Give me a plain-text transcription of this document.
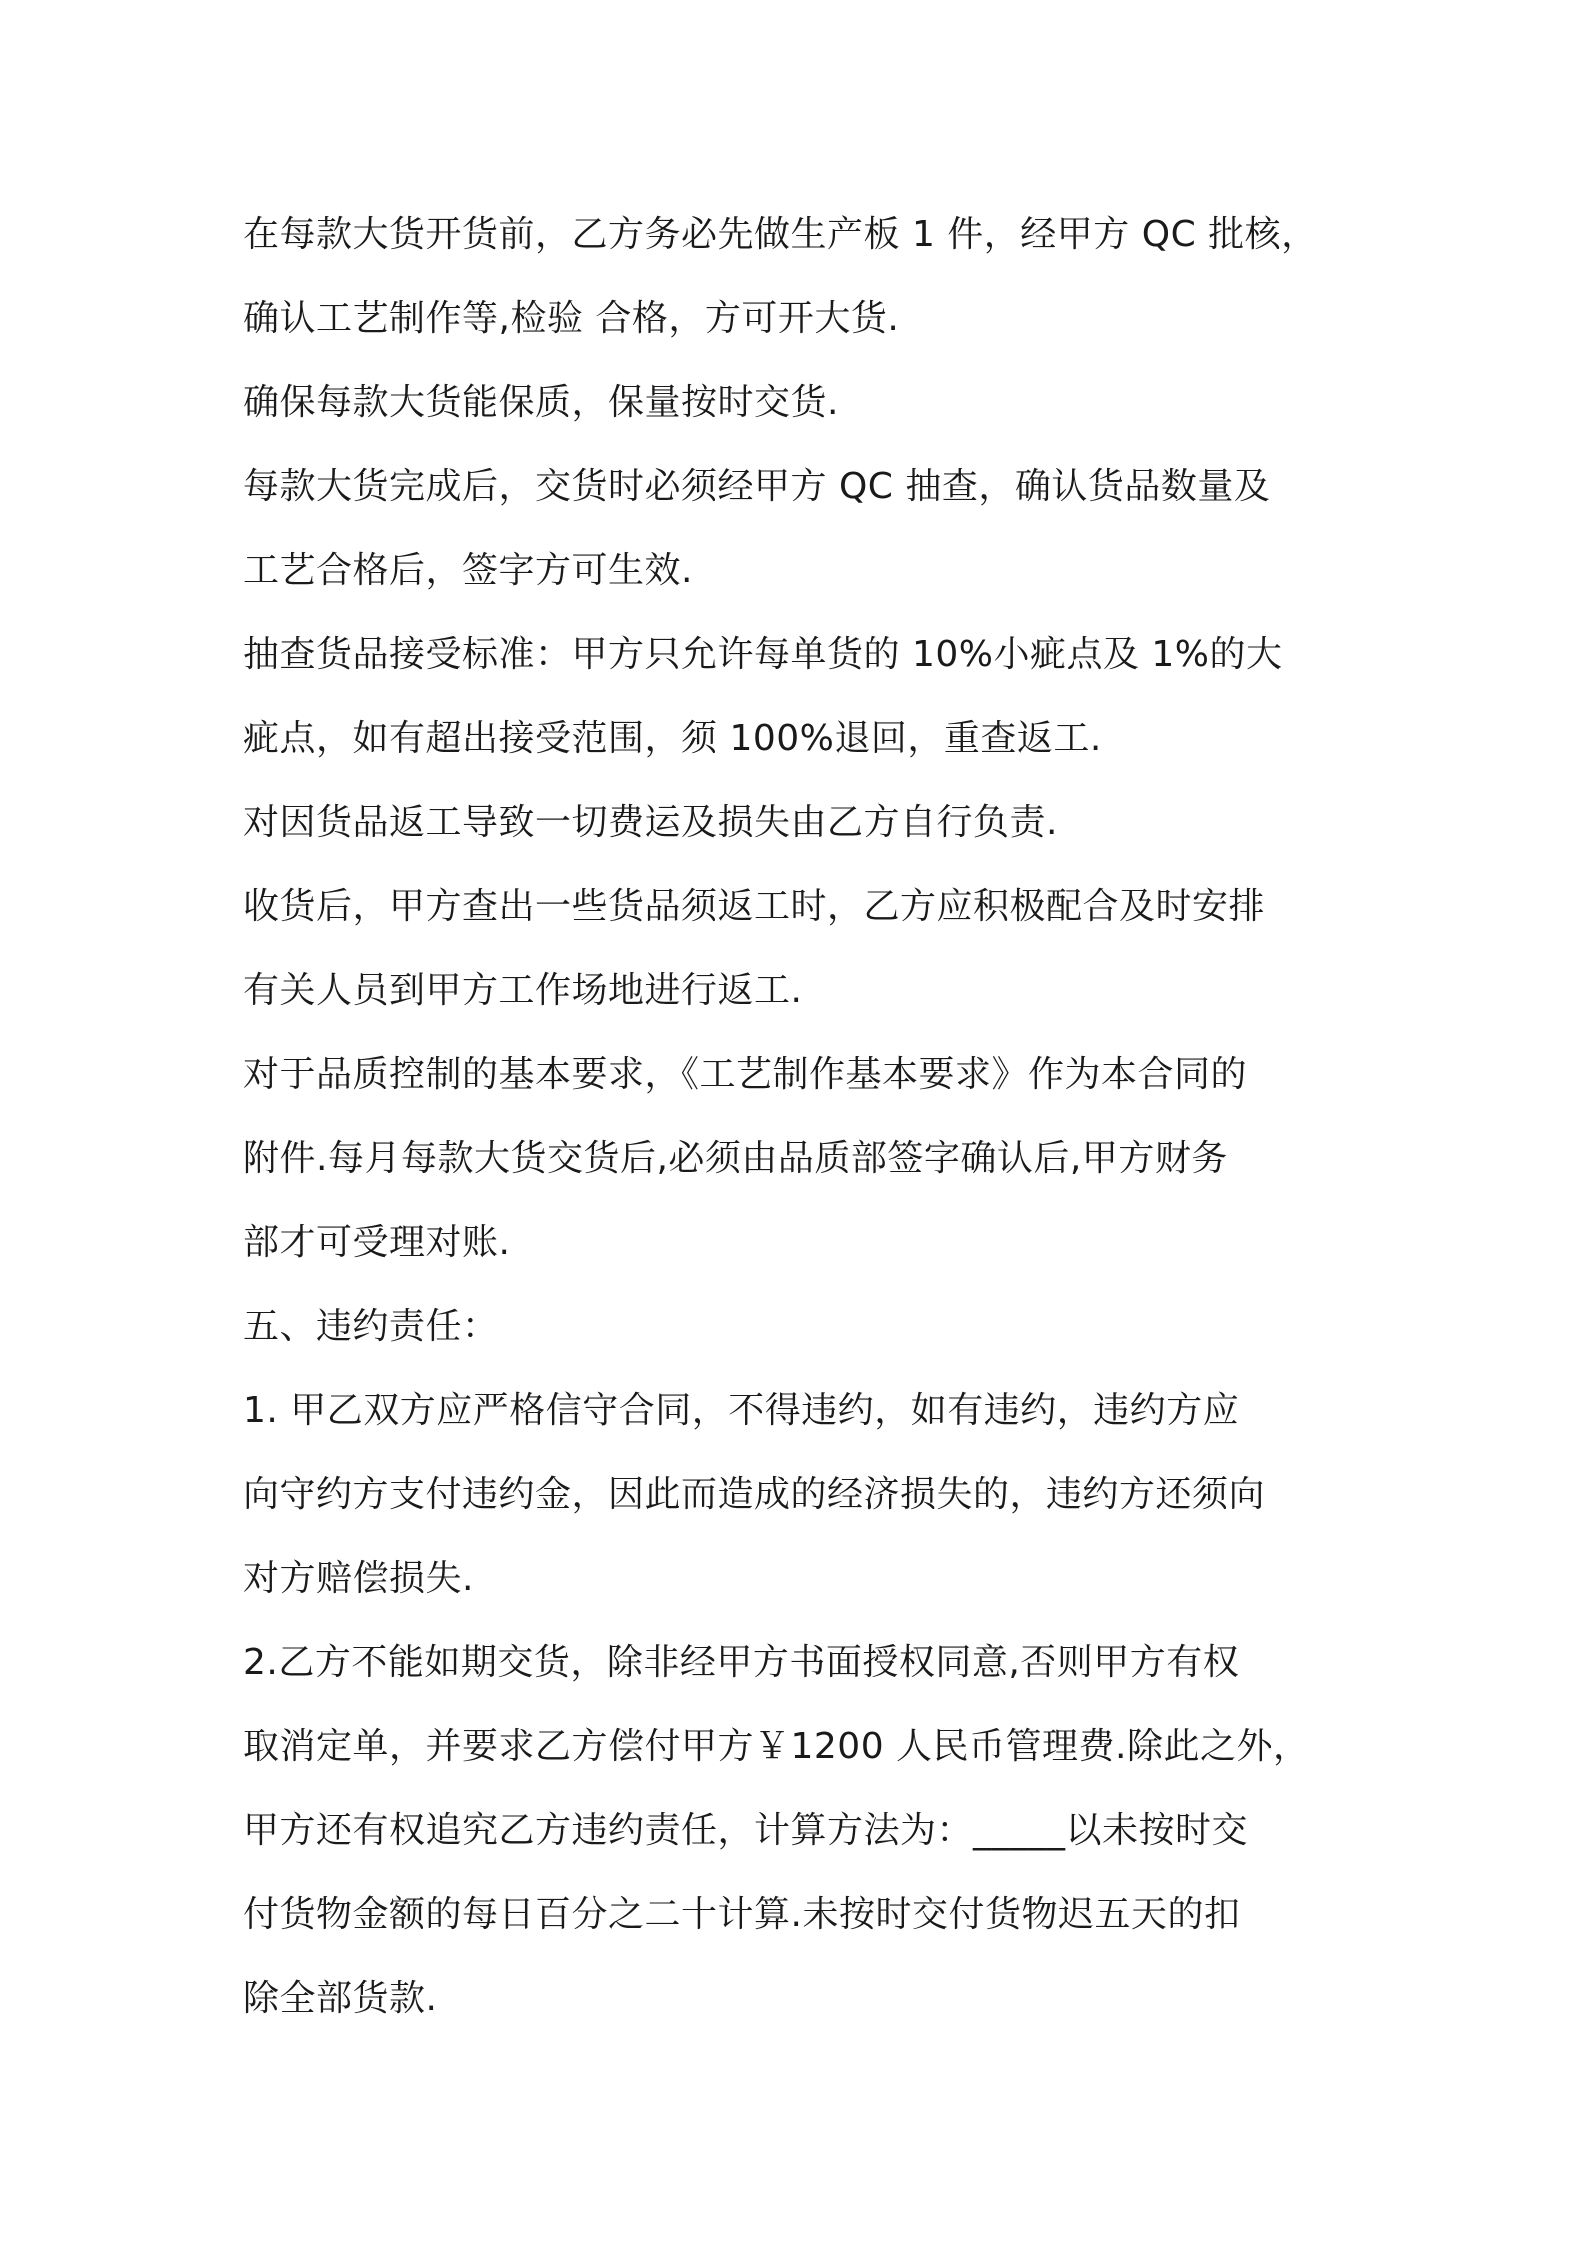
在每款大货开货前，乙方务必先做生产板 1 件，经甲方 QC 批核，
确认工艺制作等,检验 合格，方可开大货.
确保每款大货能保质，保量按时交货.
每款大货完成后，交货时必须经甲方 QC 抽查，确认货品数量及
工艺合格后，签字方可生效.
抽查货品接受标准：甲方只允许每单货的 10%小疵点及 1%的大
疵点，如有超出接受范围，须 100%退回，重查返工.
对因货品返工导致一切费运及损失由乙方自行负责.
收货后，甲方查出一些货品须返工时，乙方应积极配合及时安排
有关人员到甲方工作场地进行返工.
对于品质控制的基本要求，《工艺制作基本要求》作为本合同的
附件.每月每款大货交货后,必须由品质部签字确认后,甲方财务
部才可受理对账.
五、违约责任：
1. 甲乙双方应严格信守合同，不得违约，如有违约，违约方应
向守约方支付违约金，因此而造成的经济损失的，违约方还须向
对方赔偿损失.
2.乙方不能如期交货，除非经甲方书面授权同意,否则甲方有权
取消定单，并要求乙方偿付甲方￥1200 人民币管理费.除此之外，
甲方还有权追究乙方违约责任，计算方法为：_____以未按时交
付货物金额的每日百分之二十计算.未按时交付货物迟五天的扣
除全部货款.
